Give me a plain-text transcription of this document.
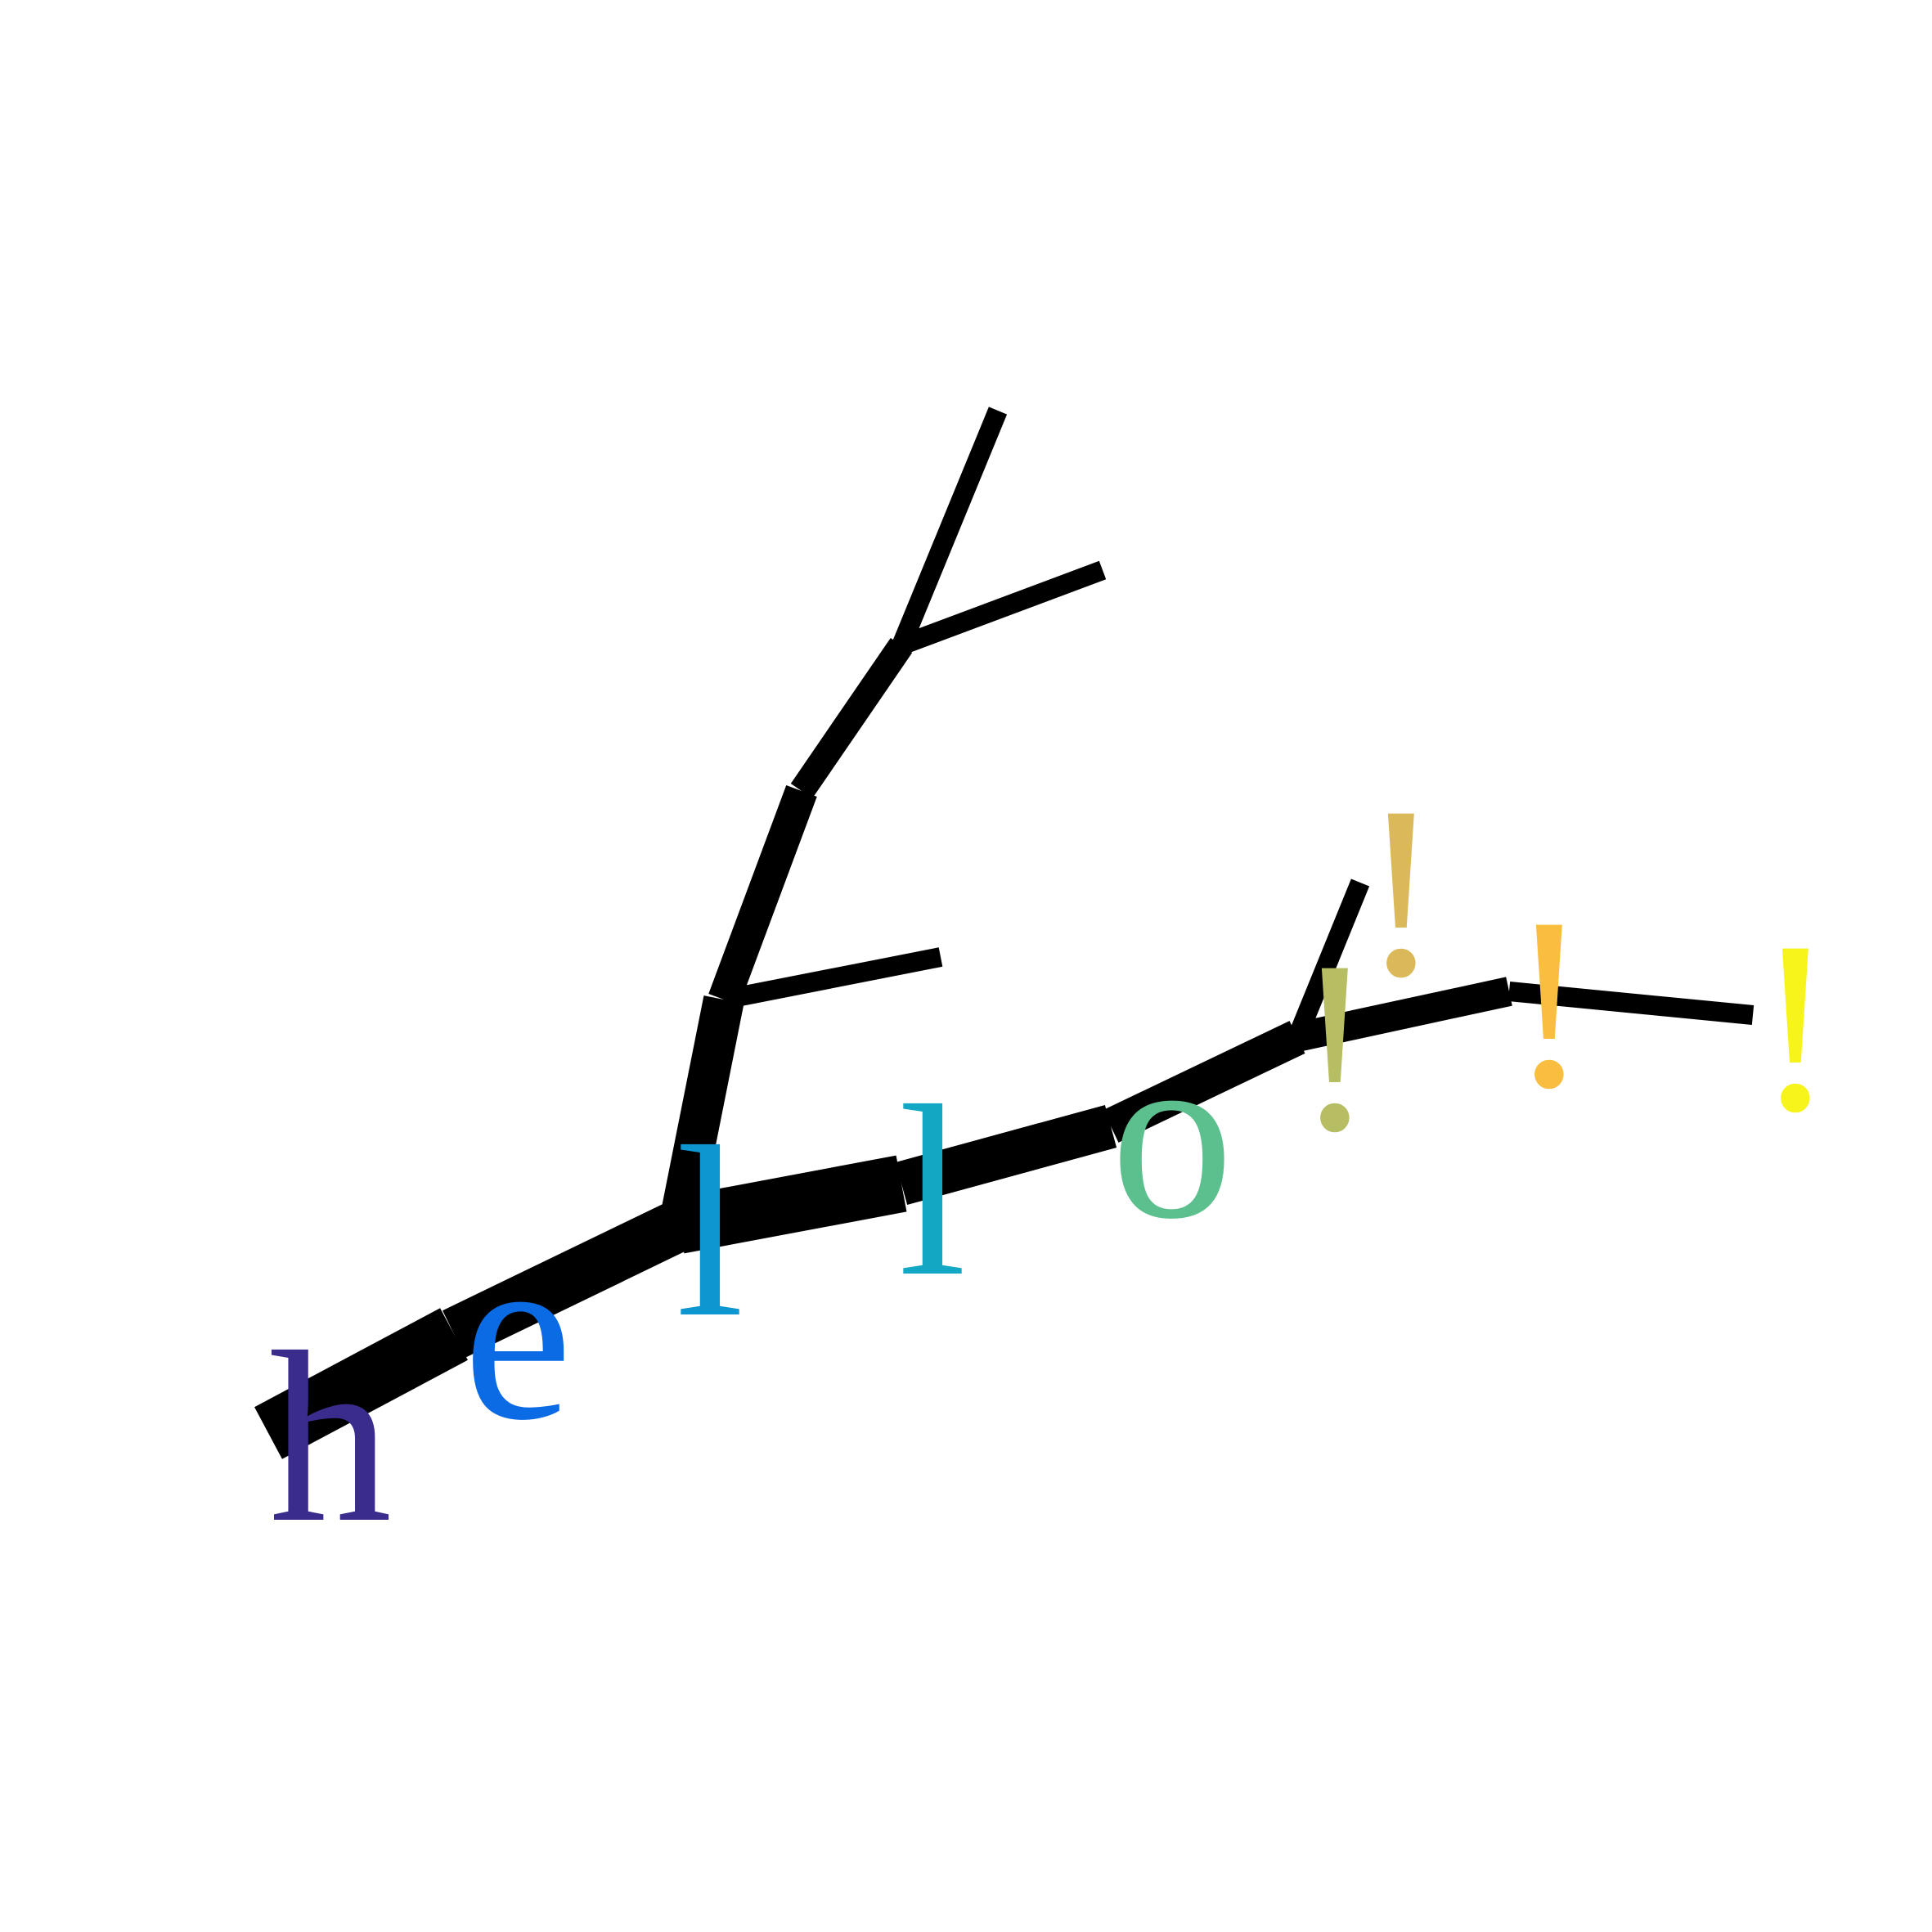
h e l l o !
! ! !
